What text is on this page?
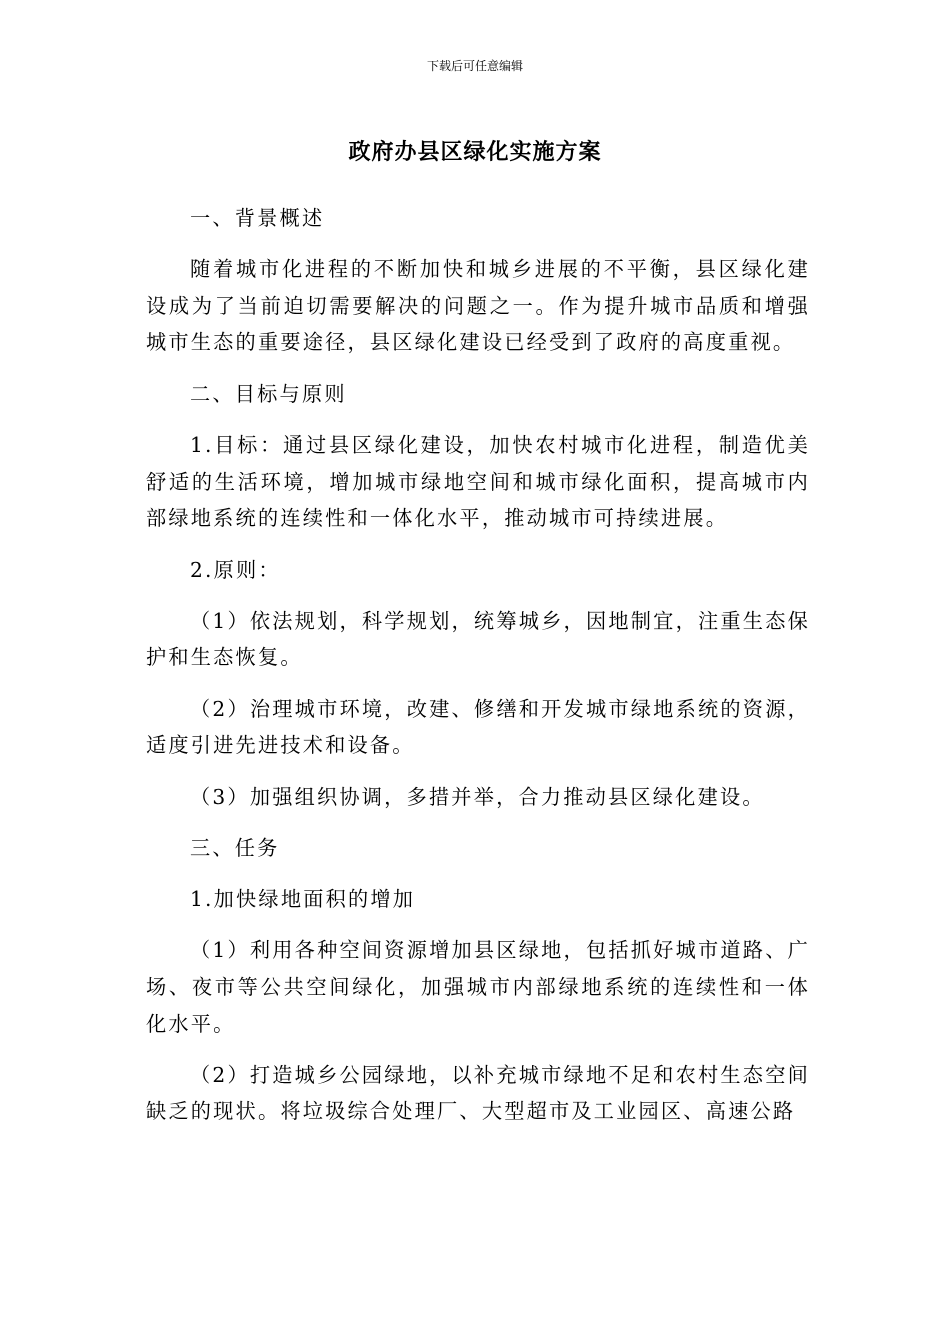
下载后可任意编辑
政府办县区绿化实施方案

一、背景概述

随着城市化进程的不断加快和城乡进展的不平衡，县区绿化建设成为了当前迫切需要解决的问题之一。作为提升城市品质和增强城市生态的重要途径，县区绿化建设已经受到了政府的高度重视。

二、目标与原则

1.目标：通过县区绿化建设，加快农村城市化进程，制造优美舒适的生活环境，增加城市绿地空间和城市绿化面积，提高城市内部绿地系统的连续性和一体化水平，推动城市可持续进展。

2.原则：

（1）依法规划，科学规划，统筹城乡，因地制宜，注重生态保护和生态恢复。

（2）治理城市环境，改建、修缮和开发城市绿地系统的资源，适度引进先进技术和设备。

（3）加强组织协调，多措并举，合力推动县区绿化建设。

三、任务

1.加快绿地面积的增加

（1）利用各种空间资源增加县区绿地，包括抓好城市道路、广场、夜市等公共空间绿化，加强城市内部绿地系统的连续性和一体化水平。

（2）打造城乡公园绿地，以补充城市绿地不足和农村生态空间缺乏的现状。将垃圾综合处理厂、大型超市及工业园区、高速公路
